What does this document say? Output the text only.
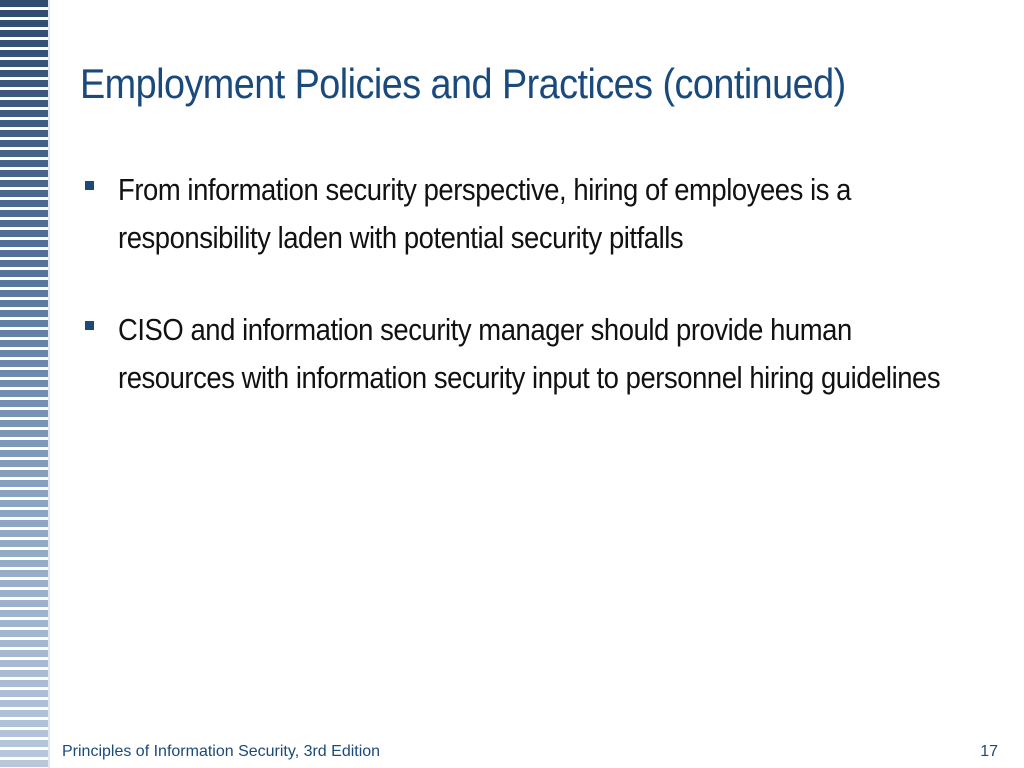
Employment Policies and Practices (continued)
From information security perspective, hiring of employees is a responsibility laden with potential security pitfalls
CISO and information security manager should provide human resources with information security input to personnel hiring guidelines
Principles of Information Security, 3rd Edition	17
